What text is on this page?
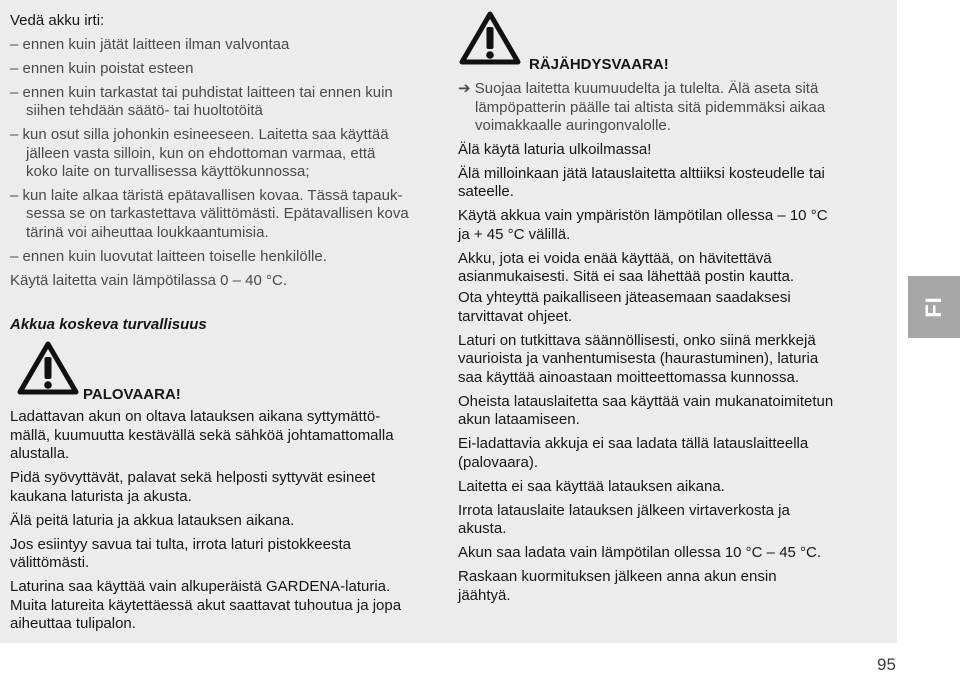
Vedä akku irti:
– ennen kuin jätät laitteen ilman valvontaa
– ennen kuin poistat esteen
– ennen kuin tarkastat tai puhdistat laitteen tai ennen kuin
siihen tehdään säätö- tai huoltotöitä
– kun osut silla johonkin esineeseen. Laitetta saa käyttää
jälleen vasta silloin, kun on ehdottoman varmaa, että
koko laite on turvallisessa käyttökunnossa;
– kun laite alkaa täristä epätavallisen kovaa. Tässä tapauk-
sessa se on tarkastettava välittömästi. Epätavallisen kova
tärinä voi aiheuttaa loukkaantumisia.
– ennen kuin luovutat laitteen toiselle henkilölle.
Käytä laitetta vain lämpötilassa 0 – 40 °C.
Akkua koskeva turvallisuus
PALOVAARA!
Ladattavan akun on oltava latauksen aikana syttymättö-
mällä, kuumuutta kestävällä sekä sähköä johtamattomalla
alustalla.
Pidä syövyttävät, palavat sekä helposti syttyvät esineet
kaukana laturista ja akusta.
Älä peitä laturia ja akkua latauksen aikana.
Jos esiintyy savua tai tulta, irrota laturi pistokkeesta
välittömästi.
Laturina saa käyttää vain alkuperäistä GARDENA-laturia.
Muita latureita käytettäessä akut saattavat tuhoutua ja jopa
aiheuttaa tulipalon.
RÄJÄHDYSVAARA!
➔ Suojaa laitetta kuumuudelta ja tulelta. Älä aseta sitä
lämpöpatterin päälle tai altista sitä pidemmäksi aikaa
voimakkaalle auringonvalolle.
Älä käytä laturia ulkoilmassa!
Älä milloinkaan jätä latauslaitetta alttiiksi kosteudelle tai
sateelle.
Käytä akkua vain ympäristön lämpötilan ollessa – 10 °C
ja + 45 °C välillä.
Akku, jota ei voida enää käyttää, on hävitettävä
asianmukaisesti. Sitä ei saa lähettää postin kautta.
Ota yhteyttä paikalliseen jäteasemaan saadaksesi
tarvittavat ohjeet.
Laturi on tutkittava säännöllisesti, onko siinä merkkejä
vaurioista ja vanhentumisesta (haurastuminen), laturia
saa käyttää ainoastaan moitteettomassa kunnossa.
Oheista latauslaitetta saa käyttää vain mukanatoimitetun
akun lataamiseen.
Ei-ladattavia akkuja ei saa ladata tällä latauslaitteella
(palovaara).
Laitetta ei saa käyttää latauksen aikana.
Irrota latauslaite latauksen jälkeen virtaverkosta ja
akusta.
Akun saa ladata vain lämpötilan ollessa 10 °C – 45 °C.
Raskaan kuormituksen jälkeen anna akun ensin
jäähtyä.
FI
95
